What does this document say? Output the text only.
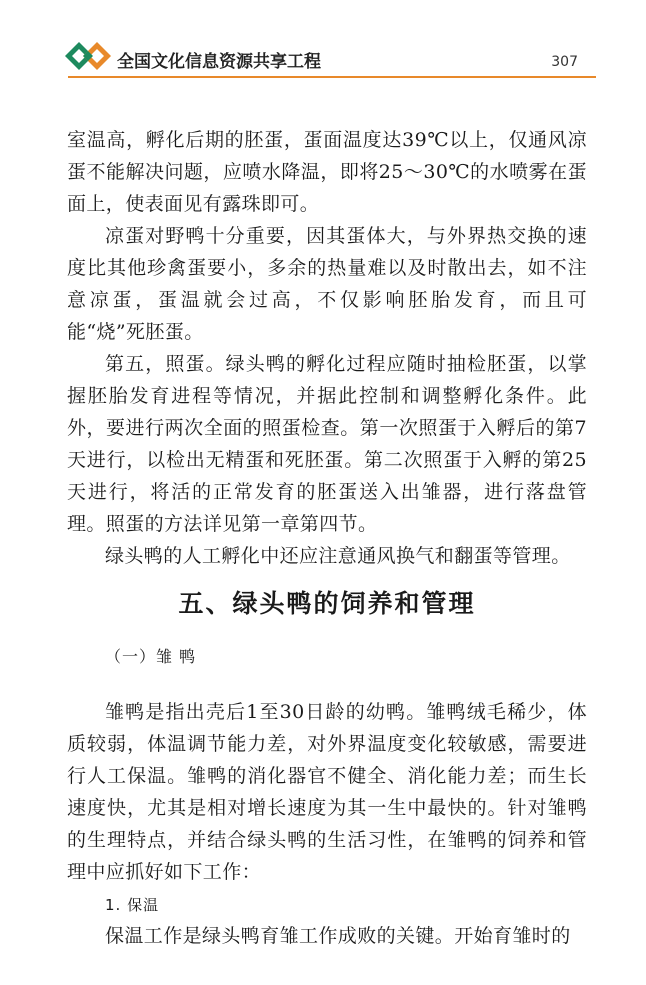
全国文化信息资源共享工程	307

室温高，孵化后期的胚蛋，蛋面温度达39℃以上，仅通风凉蛋不能解决问题，应喷水降温，即将25～30℃的水喷雾在蛋面上，使表面见有露珠即可。

凉蛋对野鸭十分重要，因其蛋体大，与外界热交换的速度比其他珍禽蛋要小，多余的热量难以及时散出去，如不注意凉蛋，蛋温就会过高，不仅影响胚胎发育，而且可能“烧”死胚蛋。

第五，照蛋。绿头鸭的孵化过程应随时抽检胚蛋，以掌握胚胎发育进程等情况，并据此控制和调整孵化条件。此外，要进行两次全面的照蛋检查。第一次照蛋于入孵后的第7天进行，以检出无精蛋和死胚蛋。第二次照蛋于入孵的第25天进行，将活的正常发育的胚蛋送入出雏器，进行落盘管理。照蛋的方法详见第一章第四节。

绿头鸭的人工孵化中还应注意通风换气和翻蛋等管理。

五、绿头鸭的饲养和管理
（一）雏 鸭

雏鸭是指出壳后1至30日龄的幼鸭。雏鸭绒毛稀少，体质较弱，体温调节能力差，对外界温度变化较敏感，需要进行人工保温。雏鸭的消化器官不健全、消化能力差；而生长速度快，尤其是相对增长速度为其一生中最快的。针对雏鸭的生理特点，并结合绿头鸭的生活习性，在雏鸭的饲养和管理中应抓好如下工作：

1. 保温

保温工作是绿头鸭育雏工作成败的关键。开始育雏时的
